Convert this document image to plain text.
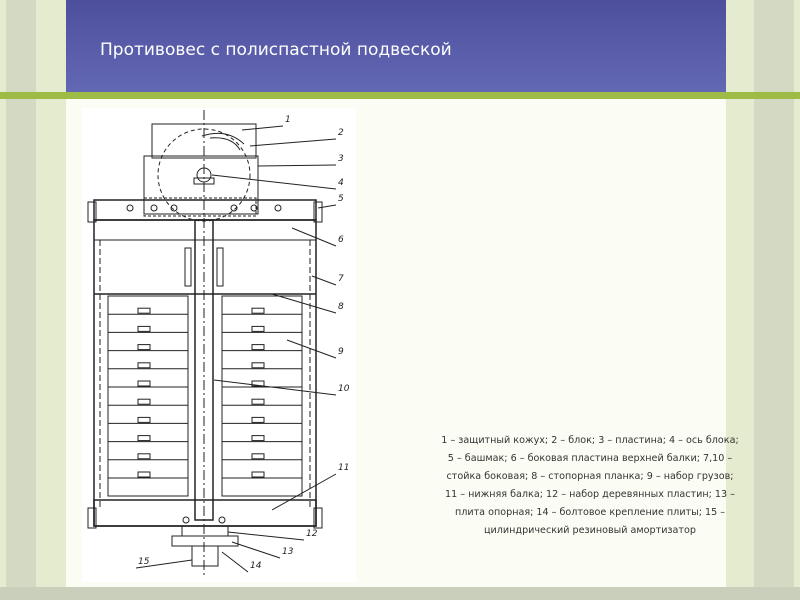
Противовес с полиспастной подвеской
1
2
3
4
5
6
7
8
9
10
11
12
13
14
15
1 – защитный кожух; 2 – блок; 3 – пластина; 4 – ось блока; 5 – башмак; 6 – боковая пластина верхней балки; 7,10 – стойка боковая; 8 – стопорная планка; 9 – набор грузов; 11 – нижняя балка; 12 – набор деревянных пластин; 13 – плита опорная; 14 – болтовое крепление плиты; 15 – цилиндрический резиновый амортизатор
